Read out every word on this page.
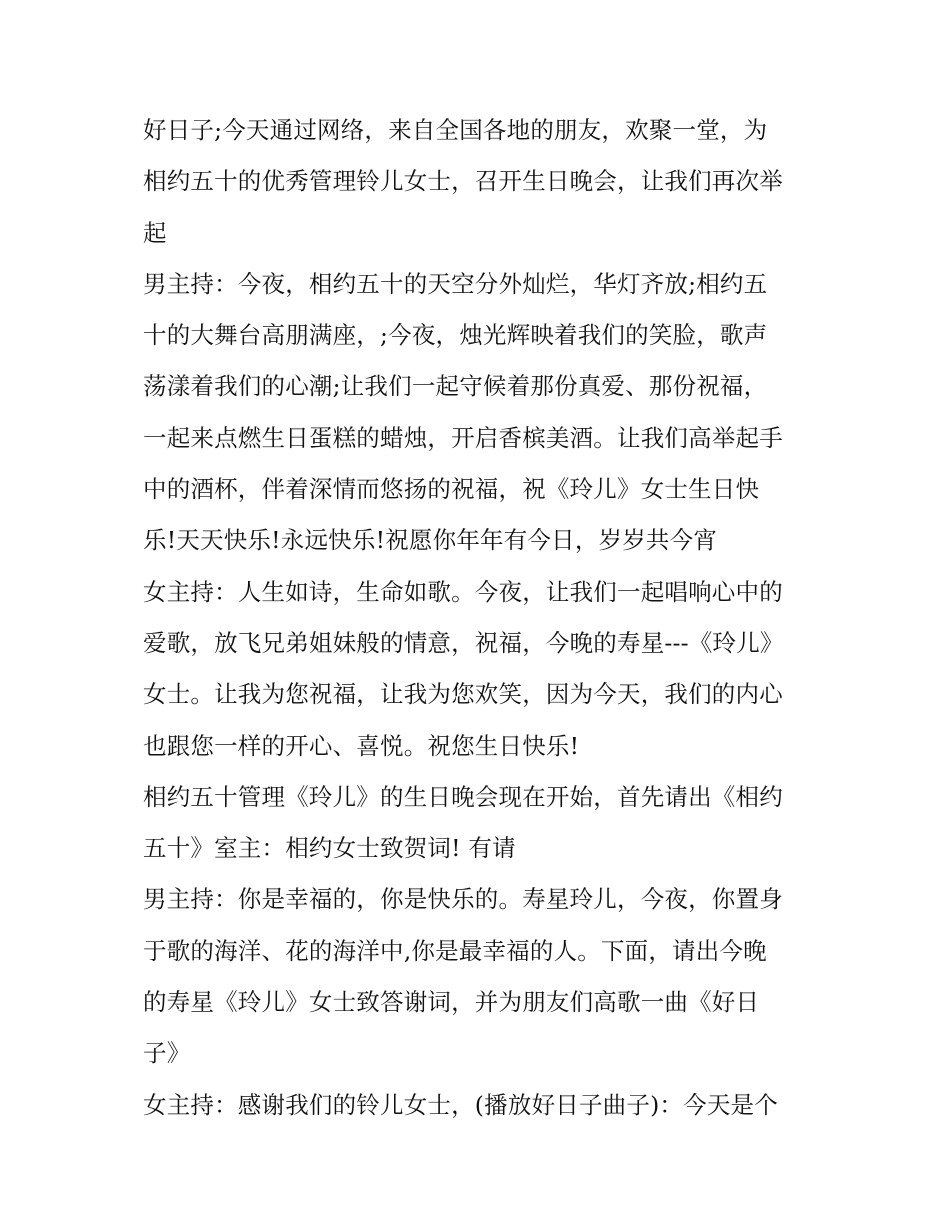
好日子;今天通过网络，来自全国各地的朋友，欢聚一堂，为
相约五十的优秀管理铃儿女士，召开生日晚会，让我们再次举
起
男主持：今夜，相约五十的天空分外灿烂，华灯齐放;相约五
十的大舞台高朋满座，;今夜，烛光辉映着我们的笑脸，歌声
荡漾着我们的心潮;让我们一起守候着那份真爱、那份祝福，
一起来点燃生日蛋糕的蜡烛，开启香槟美酒。让我们高举起手
中的酒杯，伴着深情而悠扬的祝福，祝《玲儿》女士生日快
乐!天天快乐!永远快乐!祝愿你年年有今日，岁岁共今宵
女主持：人生如诗，生命如歌。今夜，让我们一起唱响心中的
爱歌，放飞兄弟姐妹般的情意，祝福，今晚的寿星---《玲儿》
女士。让我为您祝福，让我为您欢笑，因为今天，我们的内心
也跟您一样的开心、喜悦。祝您生日快乐!
相约五十管理《玲儿》的生日晚会现在开始，首先请出《相约
五十》室主：相约女士致贺词! 有请
男主持：你是幸福的，你是快乐的。寿星玲儿，今夜，你置身
于歌的海洋、花的海洋中,你是最幸福的人。下面，请出今晚
的寿星《玲儿》女士致答谢词，并为朋友们高歌一曲《好日
子》
女主持：感谢我们的铃儿女士，(播放好日子曲子)：今天是个
